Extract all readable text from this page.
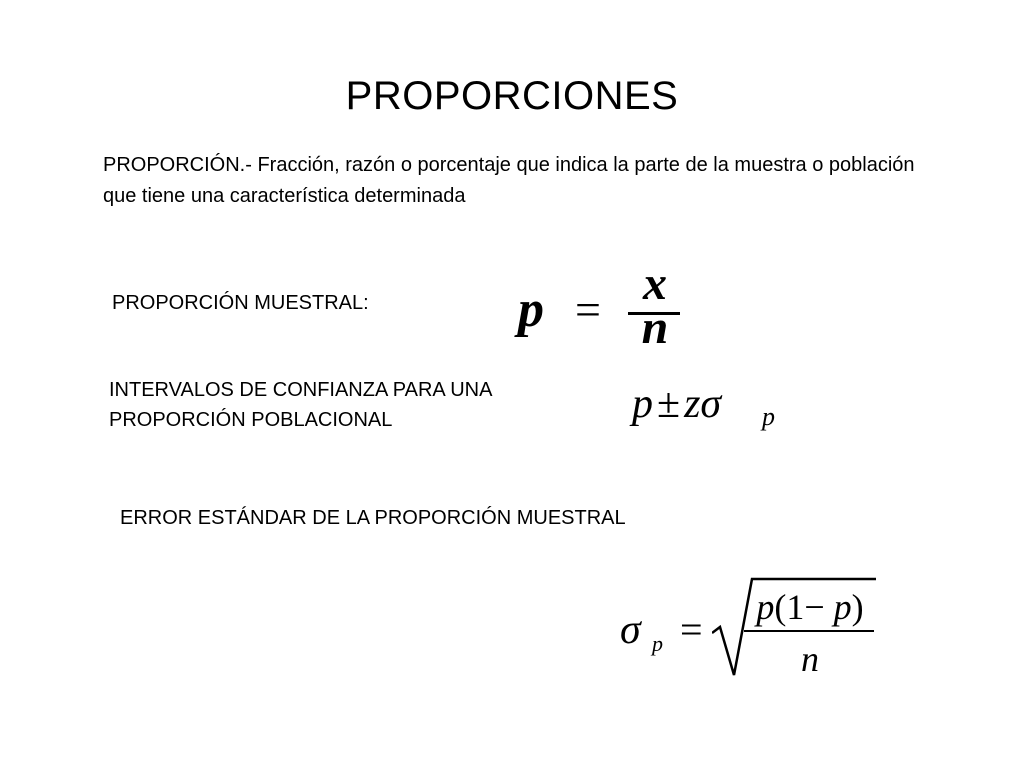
PROPORCIONES
PROPORCIÓN.- Fracción, razón o porcentaje que indica la parte de la muestra o población que tiene una característica determinada
PROPORCIÓN MUESTRAL:	p = x
n
INTERVALOS DE CONFIANZA PARA UNA
PROPORCIÓN POBLACIONAL	p±zσ p
ERROR ESTÁNDAR DE LA PROPORCIÓN MUESTRAL
σ p =	p(1− p)
n
